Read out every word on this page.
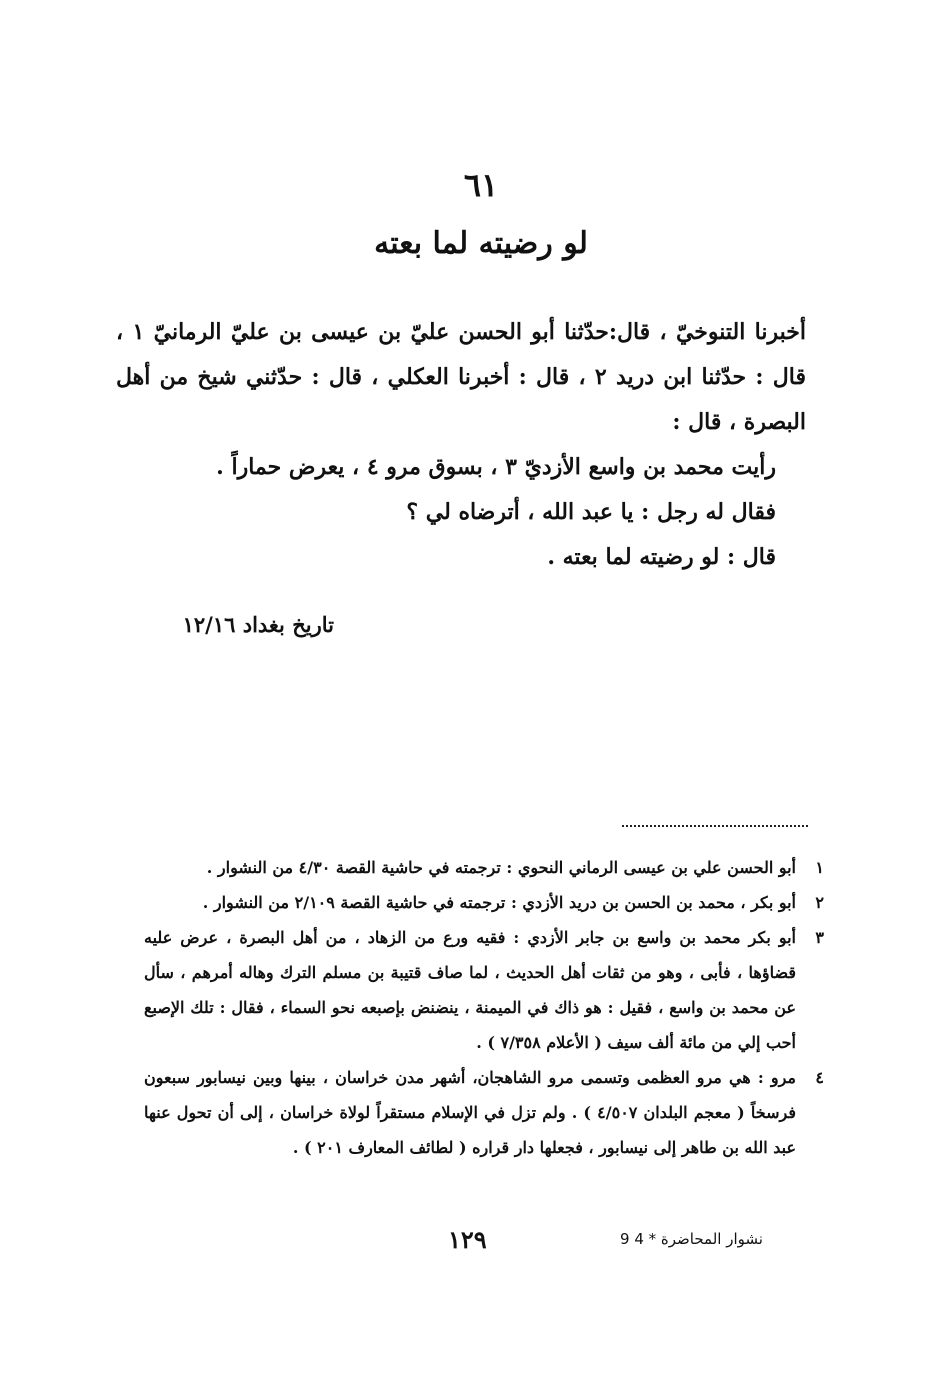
٦١
لو رضيته لما بعته

أخبرنا التنوخيّ ، قال:حدّثنا أبو الحسن عليّ بن عيسى بن عليّ الرمانيّ ١ ، قال : حدّثنا ابن دريد ٢ ، قال : أخبرنا العكلي ، قال : حدّثني شيخ من أهل البصرة ، قال :

رأيت محمد بن واسع الأزديّ ٣ ، بسوق مرو ٤ ، يعرض حماراً .

فقال له رجل : يا عبد الله ، أترضاه لي ؟

قال : لو رضيته لما بعته .

تاريخ بغداد ١٢/١٦
١
أبو الحسن علي بن عيسى الرماني النحوي : ترجمته في حاشية القصة ٤/٣٠ من النشوار .
٢
أبو بكر ، محمد بن الحسن بن دريد الأزدي : ترجمته في حاشية القصة ٢/١٠٩ من النشوار .
٣
أبو بكر محمد بن واسع بن جابر الأزدي : فقيه ورع من الزهاد ، من أهل البصرة ، عرض عليه قضاؤها ، فأبى ، وهو من ثقات أهل الحديث ، لما صاف قتيبة بن مسلم الترك وهاله أمرهم ، سأل عن محمد بن واسع ، فقيل : هو ذاك في الميمنة ، ينضنض بإصبعه نحو السماء ، فقال : تلك الإصبع أحب إلي من مائة ألف سيف ( الأعلام ٧/٣٥٨ ) .
٤
مرو : هي مرو العظمى وتسمى مرو الشاهجان، أشهر مدن خراسان ، بينها وبين نيسابور سبعون فرسخاً ( معجم البلدان ٤/٥٠٧ ) . ولم تزل في الإسلام مستقراً لولاة خراسان ، إلى أن تحول عنها عبد الله بن طاهر إلى نيسابور ، فجعلها دار قراره ( لطائف المعارف ٢٠١ ) .
١٢٩	9 نشوار المحاضرة * 4
